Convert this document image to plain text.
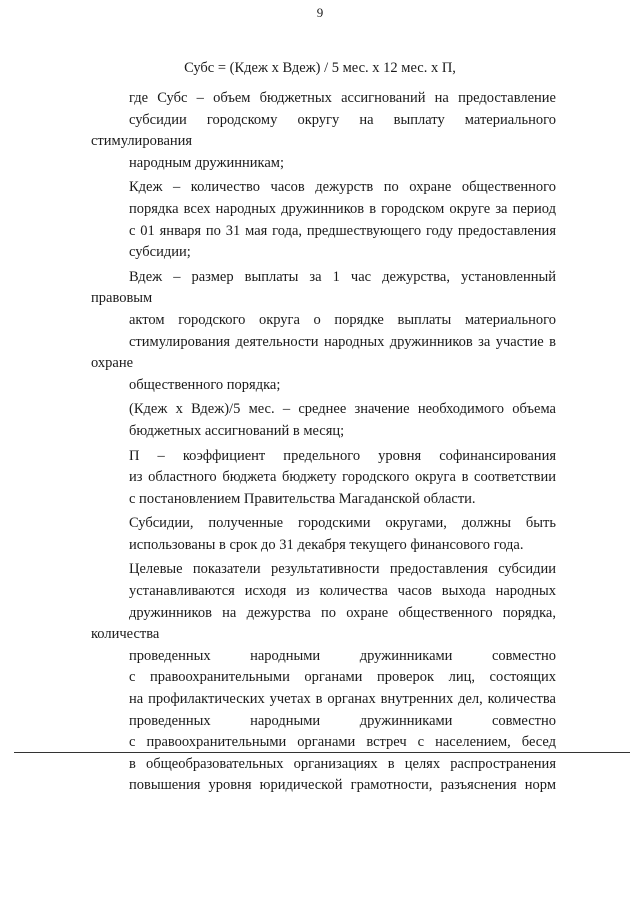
9
Субс = (Кдеж х Вдеж) / 5 мес. х 12 мес. х П,

где Субс – объем бюджетных ассигнований на предоставление
субсидии городскому округу на выплату материального стимулирования
народным дружинникам;

Кдеж – количество часов дежурств по охране общественного
порядка всех народных дружинников в городском округе за период
с 01 января по 31 мая года, предшествующего году предоставления
субсидии;

Вдеж – размер выплаты за 1 час дежурства, установленный правовым
актом городского округа о порядке выплаты материального
стимулирования деятельности народных дружинников за участие в охране
общественного порядка;

(Кдеж х Вдеж)/5 мес. – среднее значение необходимого объема
бюджетных ассигнований в месяц;

П – коэффициент предельного уровня софинансирования
из областного бюджета бюджету городского округа в соответствии
с постановлением Правительства Магаданской области.

Субсидии, полученные городскими округами, должны быть
использованы в срок до 31 декабря текущего финансового года.

Целевые показатели результативности предоставления субсидии
устанавливаются исходя из количества часов выхода народных
дружинников на дежурства по охране общественного порядка, количества
проведенных народными дружинниками совместно
с правоохранительными органами проверок лиц, состоящих
на профилактических учетах в органах внутренних дел, количества
проведенных народными дружинниками совместно
с правоохранительными органами встреч с населением, бесед
в общеобразовательных организациях в целях распространения
повышения уровня юридической грамотности, разъяснения норм
